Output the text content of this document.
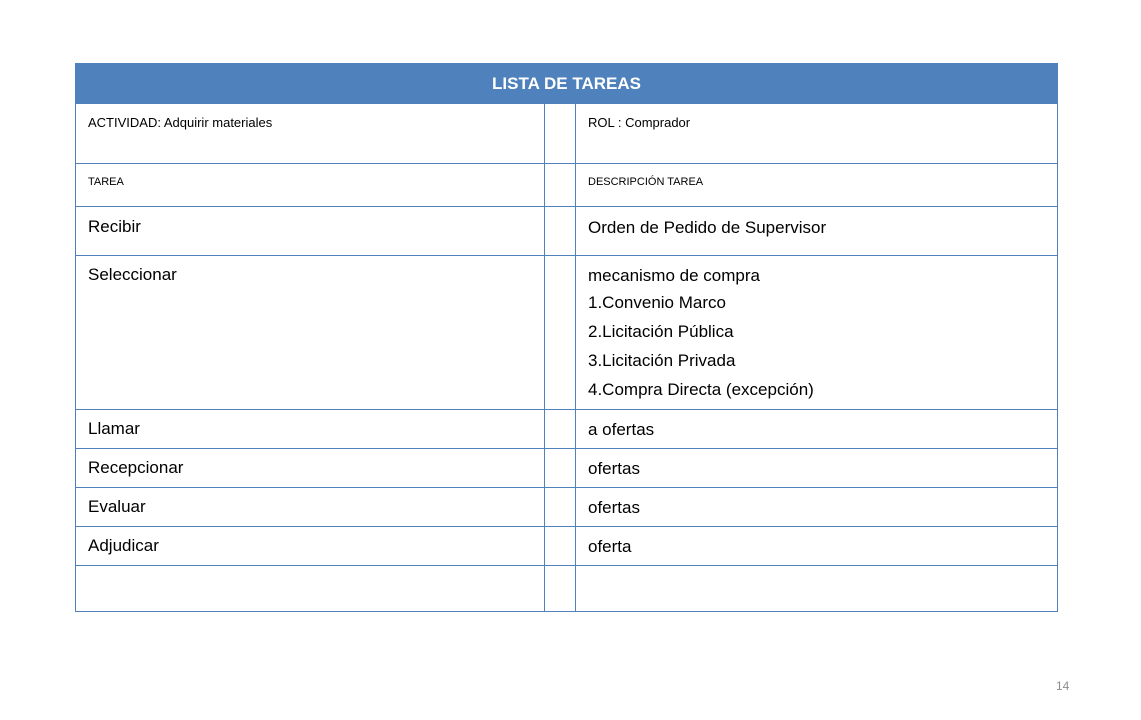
LISTA DE TAREAS		
ACTIVIDAD: Adquirir materiales		ROL : Comprador
TAREA		DESCRIPCIÓN TAREA
Recibir		Orden de Pedido de Supervisor

Seleccionar		mecanismo de compra
1.Convenio Marco
2.Licitación Pública
3.Licitación Privada
4.Compra Directa (excepción)

Llamar		a ofertas

Recepcionar		ofertas

Evaluar		ofertas

Adjudicar		oferta

14
